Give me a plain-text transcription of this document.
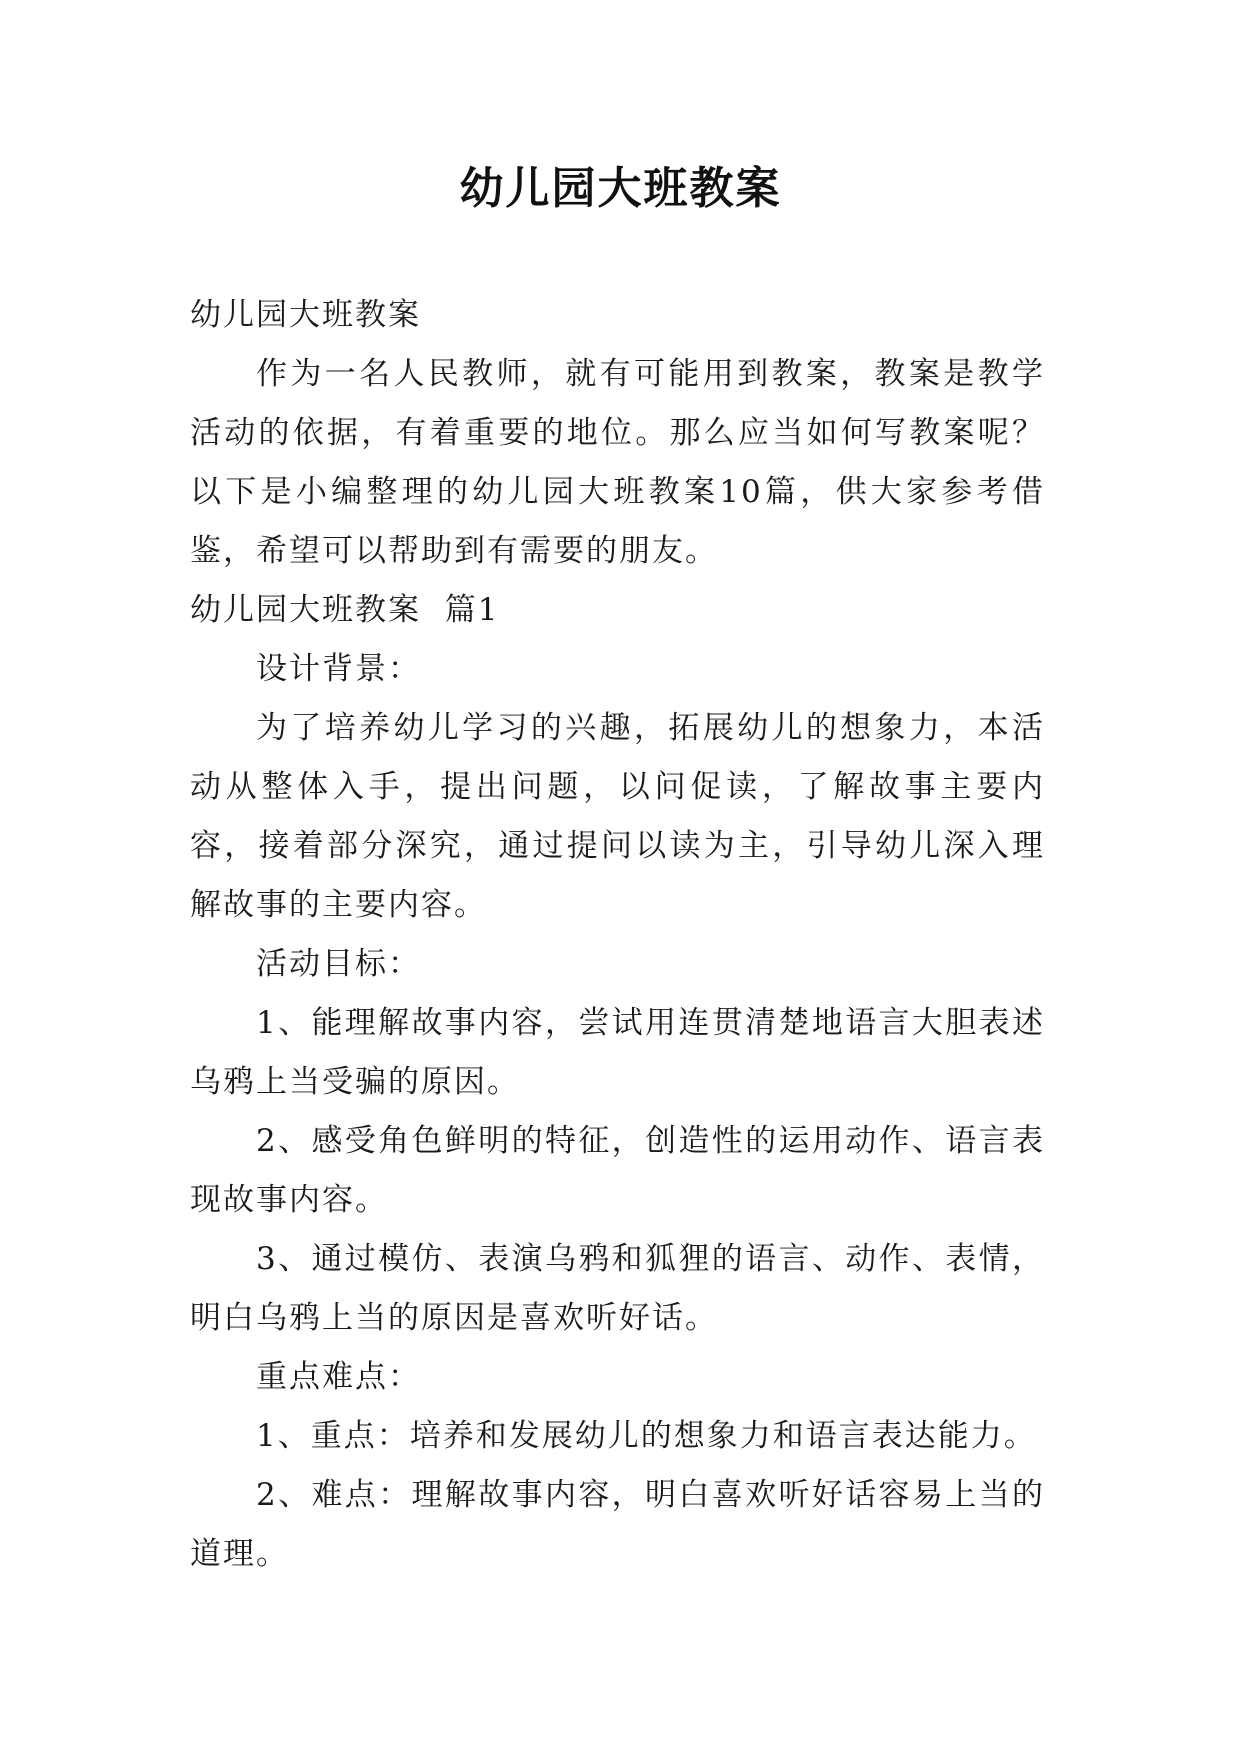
幼儿园大班教案

幼儿园大班教案

作为一名人民教师，就有可能用到教案，教案是教学活动的依据，有着重要的地位。那么应当如何写教案呢？以下是小编整理的幼儿园大班教案10篇，供大家参考借鉴，希望可以帮助到有需要的朋友。

幼儿园大班教案  篇1

设计背景：

为了培养幼儿学习的兴趣，拓展幼儿的想象力，本活动从整体入手，提出问题，以问促读，了解故事主要内容，接着部分深究，通过提问以读为主，引导幼儿深入理解故事的主要内容。

活动目标：

1、能理解故事内容，尝试用连贯清楚地语言大胆表述乌鸦上当受骗的原因。

2、感受角色鲜明的特征，创造性的运用动作、语言表现故事内容。

3、通过模仿、表演乌鸦和狐狸的语言、动作、表情，明白乌鸦上当的原因是喜欢听好话。

重点难点：

1、重点：培养和发展幼儿的想象力和语言表达能力。

2、难点：理解故事内容，明白喜欢听好话容易上当的道理。
